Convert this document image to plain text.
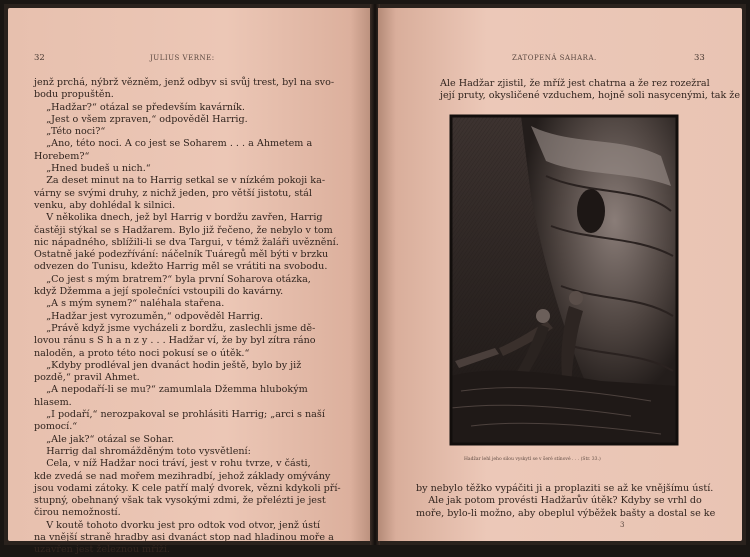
32	JULIUS VERNE:
jenž prchá, nýbrž vězněm, jenž odbyv si svůj trest, byl na svo-
bodu propuštěn.
„Hadžar?“ otázal se především kavárník.
„Jest o všem zpraven,“ odpověděl Harrig.
„Této noci?“
„Ano, této noci. A co jest se Soharem . . . a Ahmetem a
Horebem?“
„Hned budeš u nich.“
Za deset minut na to Harrig setkal se v nízkém pokoji ka-
várny se svými druhy, z nichž jeden, pro větší jistotu, stál
venku, aby dohlédal k silnici.
V několika dnech, jež byl Harrig v bordžu zavřen, Harrig
častěji stýkal se s Hadžarem. Bylo již řečeno, že nebylo v tom
nic nápadného, sblížili-li se dva Targui, v témž žaláři uvěznění.
Ostatně jaké podezřívání: náčelník Tuáregů měl býti v brzku
odvezen do Tunisu, kdežto Harrig měl se vrátiti na svobodu.
„Co jest s mým bratrem?“ byla první Soharova otázka,
když Džemma a její společníci vstoupili do kavárny.
„A s mým synem?“ naléhala stařena.
„Hadžar jest vyrozuměn,“ odpověděl Harrig.
„Právě když jsme vycházeli z bordžu, zaslechli jsme dě-
lovou ránu s S h a n z y . . . Hadžar ví, že by byl zítra ráno
naloděn, a proto této noci pokusí se o útěk.“
„Kdyby prodléval jen dvanáct hodin ještě, bylo by již
pozdě,“ pravil Ahmet.
„A nepodaří-li se mu?“ zamumlala Džemma hlubokým
hlasem.
„I podaří,“ nerozpakoval se prohlásiti Harrig; „arci s naší
pomocí.“
„Ale jak?“ otázal se Sohar.
Harrig dal shromážděným toto vysvětlení:
Cela, v níž Hadžar noci tráví, jest v rohu tvrze, v části,
kde zvedá se nad mořem mezihradbí, jehož základy omývány
jsou vodami zátoky. K cele patří malý dvorek, vězni kdykoli pří-
stupný, obehnaný však tak vysokými zdmi, že přelézti je jest
čirou nemožností.
V koutě tohoto dvorku jest pro odtok vod otvor, jenž ústí
na vnější straně hradby asi dvanáct stop nad hladinou moře a
uzavřen jest železnou mříží.
ZATOPENÁ SAHARA.	33
Ale Hadžar zjistil, že mříž jest chatrna a že rez rozežral
její pruty, okysličené vzduchem, hojně soli nasycenými, tak že
Hadžar lehl jeho silou vyskytl se v šeré stínové . . . (Str. 33.)
by nebylo těžko vypáčiti ji a proplaziti se až ke vnějšímu ústí.
Ale jak potom provésti Hadžarův útěk? Kdyby se vrhl do
moře, bylo-li možno, aby obeplul výběžek bašty a dostal se ke
3
